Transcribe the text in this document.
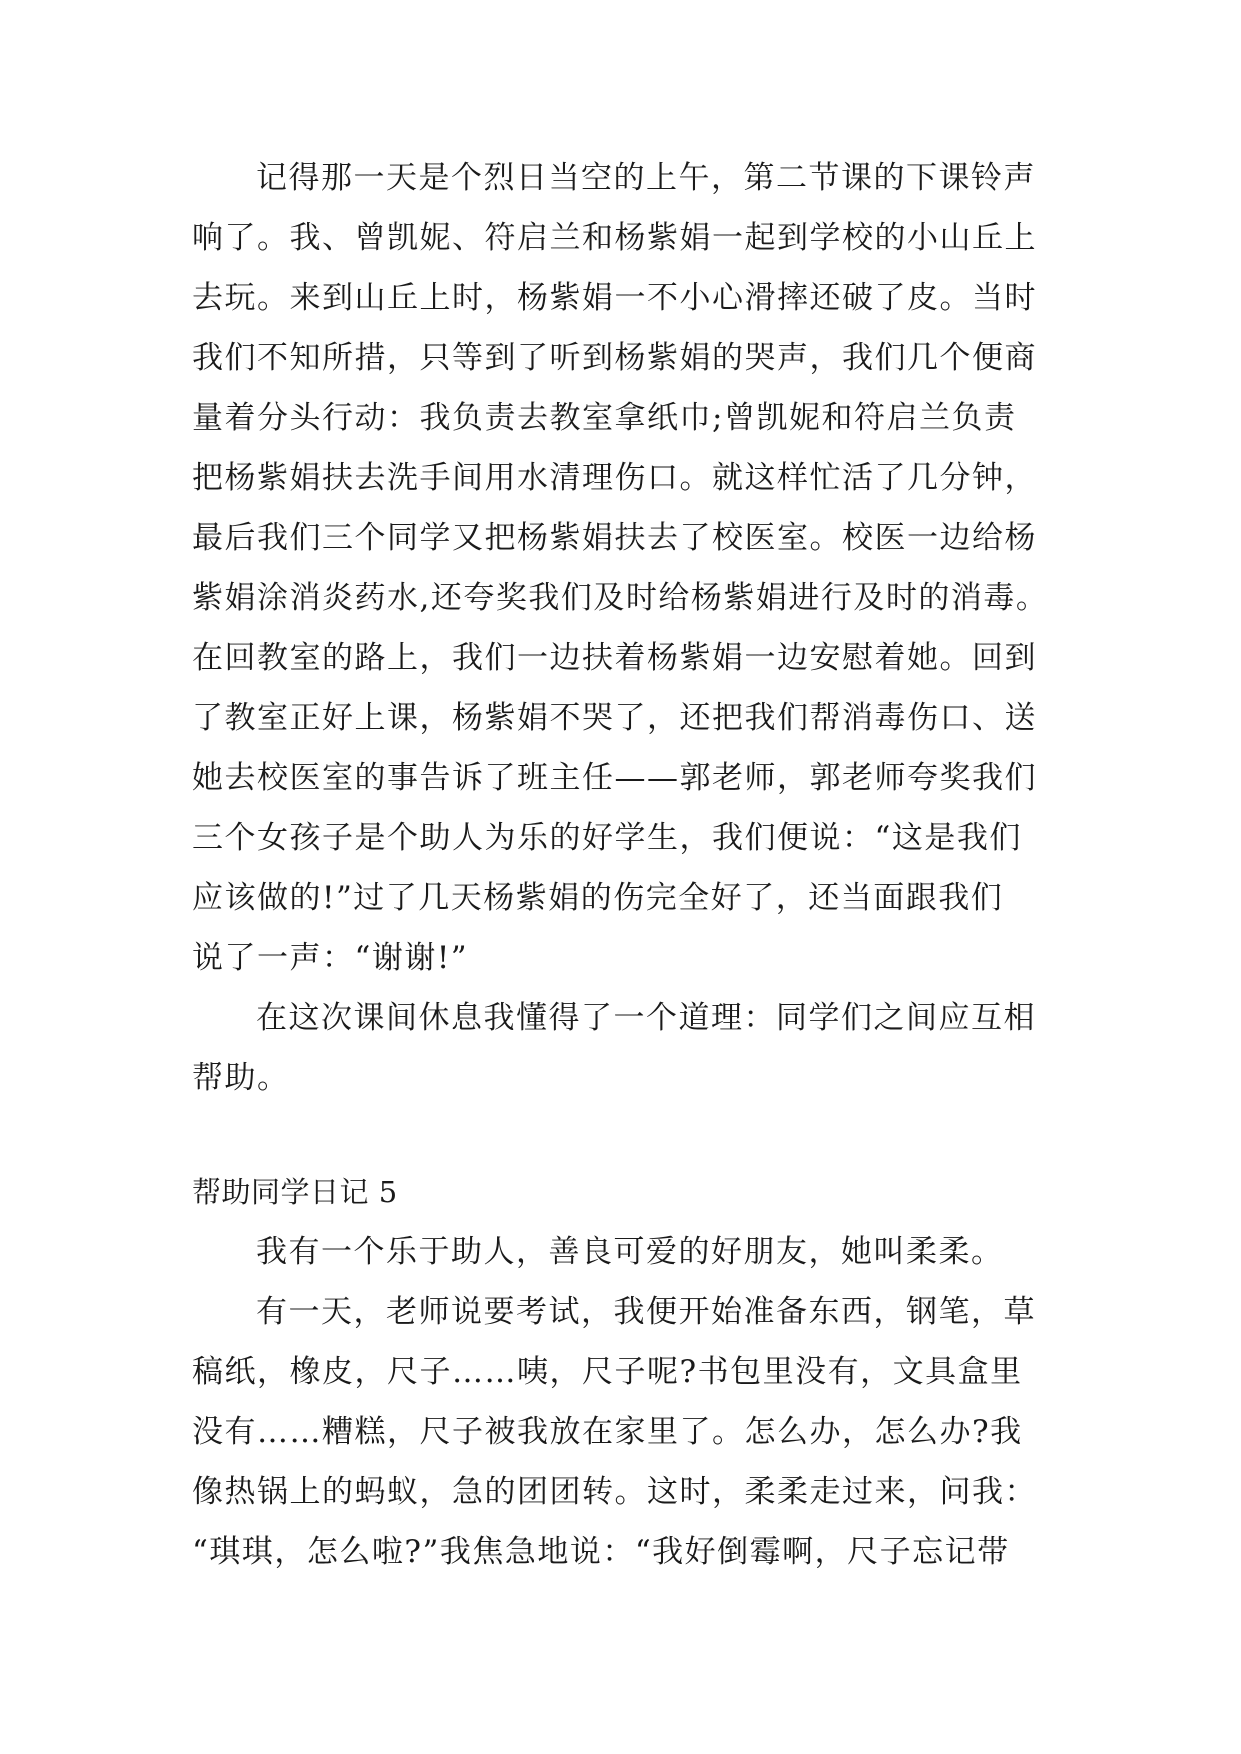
记得那一天是个烈日当空的上午，第二节课的下课铃声
响了。我、曾凯妮、符启兰和杨紫娟一起到学校的小山丘上
去玩。来到山丘上时，杨紫娟一不小心滑摔还破了皮。当时
我们不知所措，只等到了听到杨紫娟的哭声，我们几个便商
量着分头行动：我负责去教室拿纸巾;曾凯妮和符启兰负责
把杨紫娟扶去洗手间用水清理伤口。就这样忙活了几分钟，
最后我们三个同学又把杨紫娟扶去了校医室。校医一边给杨
紫娟涂消炎药水,还夸奖我们及时给杨紫娟进行及时的消毒。
在回教室的路上，我们一边扶着杨紫娟一边安慰着她。回到
了教室正好上课，杨紫娟不哭了，还把我们帮消毒伤口、送
她去校医室的事告诉了班主任——郭老师，郭老师夸奖我们
三个女孩子是个助人为乐的好学生，我们便说：“这是我们
应该做的!”过了几天杨紫娟的伤完全好了，还当面跟我们
说了一声：“谢谢!”
在这次课间休息我懂得了一个道理：同学们之间应互相
帮助。
帮助同学日记 5
我有一个乐于助人，善良可爱的好朋友，她叫柔柔。
有一天，老师说要考试，我便开始准备东西，钢笔，草
稿纸，橡皮，尺子……咦，尺子呢?书包里没有，文具盒里
没有……糟糕，尺子被我放在家里了。怎么办，怎么办?我
像热锅上的蚂蚁，急的团团转。这时，柔柔走过来，问我：
“琪琪，怎么啦?”我焦急地说：“我好倒霉啊，尺子忘记带
